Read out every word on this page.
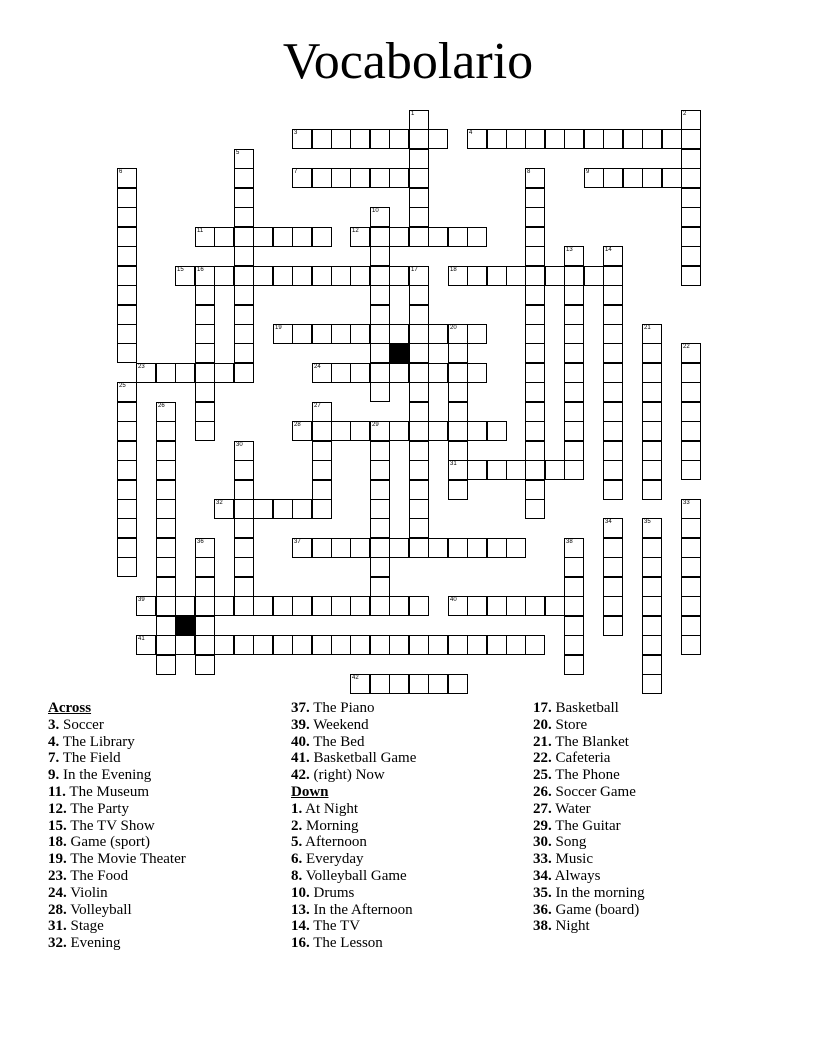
Vocabolario
1	2
3	4
5
6	7	8	9
10
11	12
13	14
15 16	17	18
19	20
31
21
22
23	24
25
26	27
28	29
30
32	33
34	35
36	37	38
39	40
41
42
Across
3. Soccer
4. The Library
7. The Field
9. In the Evening
11. The Museum
12. The Party
15. The TV Show
18. Game (sport)
19. The Movie Theater
23. The Food
24. Violin
28. Volleyball
31. Stage
32. Evening
37. The Piano
39. Weekend
40. The Bed
41. Basketball Game
42. (right) Now
Down
1. At Night
2. Morning
5. Afternoon
6. Everyday
8. Volleyball Game
10. Drums
13. In the Afternoon
14. The TV
16. The Lesson
17. Basketball
20. Store
21. The Blanket
22. Cafeteria
25. The Phone
26. Soccer Game
27. Water
29. The Guitar
30. Song
33. Music
34. Always
35. In the morning
36. Game (board)
38. Night
